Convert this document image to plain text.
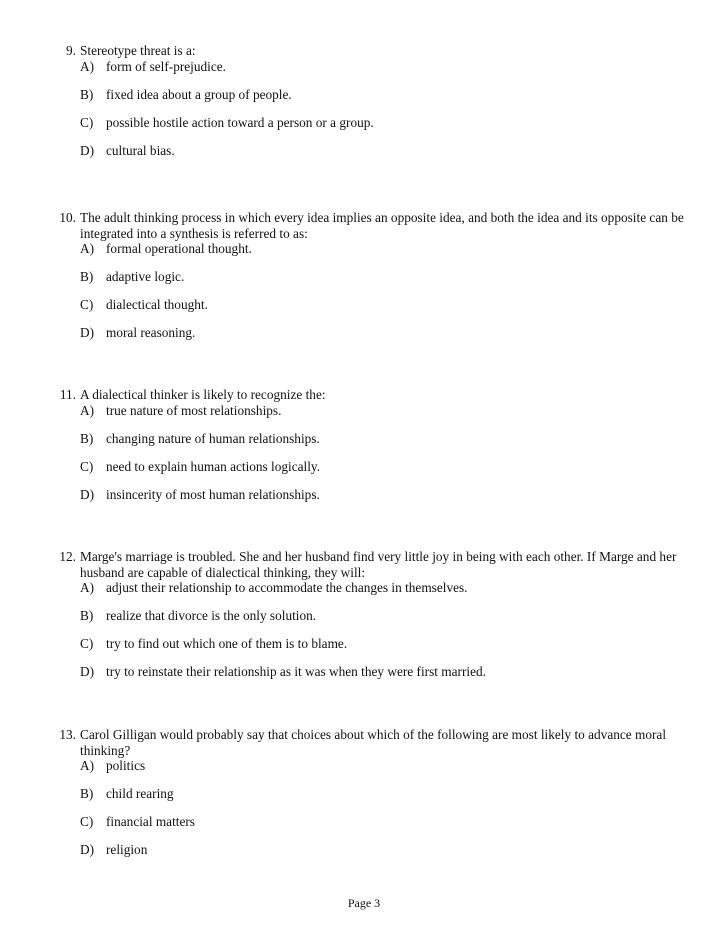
9. Stereotype threat is a:
A) form of self-prejudice.
B) fixed idea about a group of people.
C) possible hostile action toward a person or a group.
D) cultural bias.
10. The adult thinking process in which every idea implies an opposite idea, and both the idea and its opposite can be integrated into a synthesis is referred to as:
A) formal operational thought.
B) adaptive logic.
C) dialectical thought.
D) moral reasoning.
11. A dialectical thinker is likely to recognize the:
A) true nature of most relationships.
B) changing nature of human relationships.
C) need to explain human actions logically.
D) insincerity of most human relationships.
12. Marge's marriage is troubled. She and her husband find very little joy in being with each other. If Marge and her husband are capable of dialectical thinking, they will:
A) adjust their relationship to accommodate the changes in themselves.
B) realize that divorce is the only solution.
C) try to find out which one of them is to blame.
D) try to reinstate their relationship as it was when they were first married.
13. Carol Gilligan would probably say that choices about which of the following are most likely to advance moral thinking?
A) politics
B) child rearing
C) financial matters
D) religion
Page 3
